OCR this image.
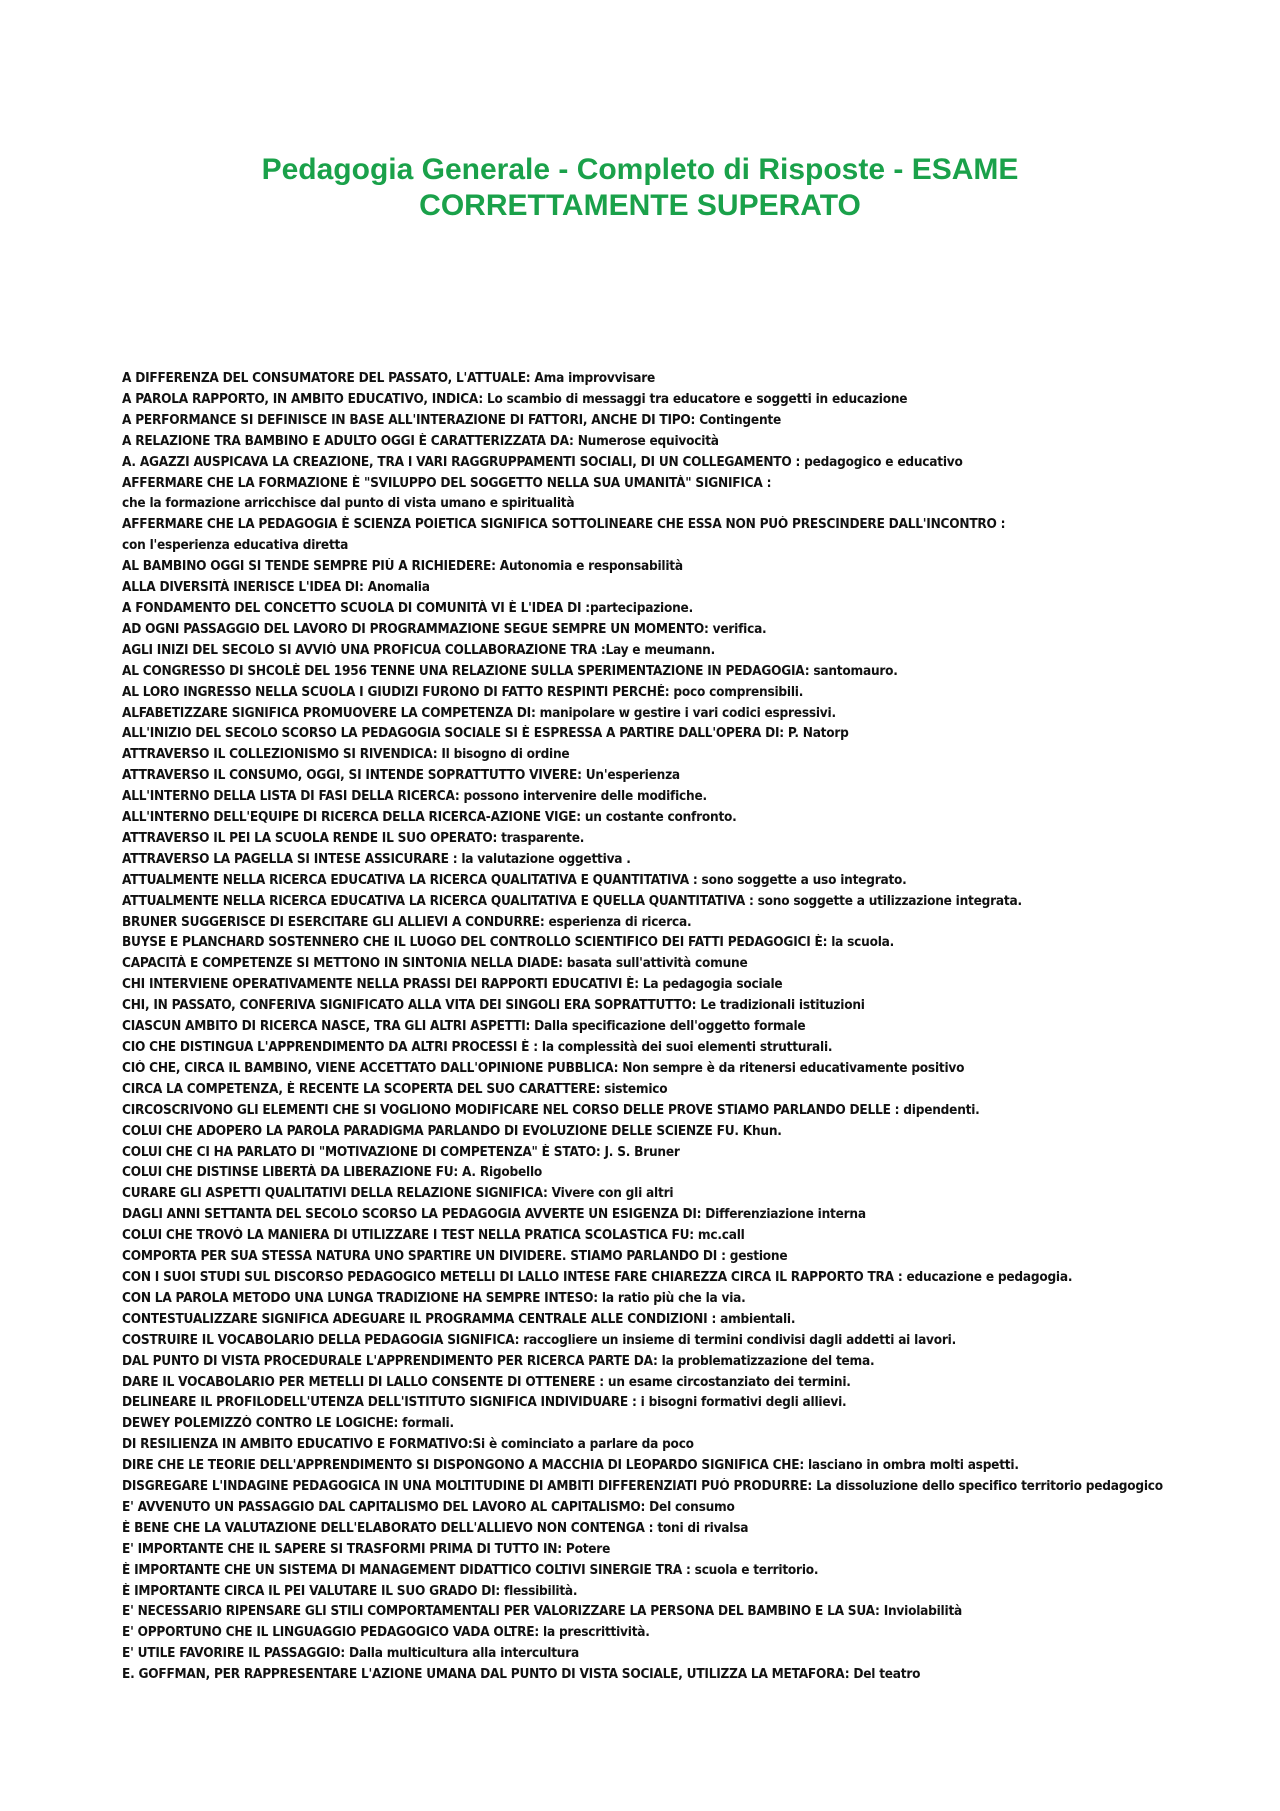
Pedagogia Generale - Completo di Risposte - ESAME
CORRETTAMENTE SUPERATO
A DIFFERENZA DEL CONSUMATORE DEL PASSATO, L'ATTUALE: Ama improvvisare
A PAROLA RAPPORTO, IN AMBITO EDUCATIVO, INDICA: Lo scambio di messaggi tra educatore e soggetti in educazione
A PERFORMANCE SI DEFINISCE IN BASE ALL'INTERAZIONE DI FATTORI, ANCHE DI TIPO: Contingente
A RELAZIONE TRA BAMBINO E ADULTO OGGI È CARATTERIZZATA DA: Numerose equivocità
A. AGAZZI AUSPICAVA LA CREAZIONE, TRA I VARI RAGGRUPPAMENTI SOCIALI, DI UN COLLEGAMENTO : pedagogico e educativo
AFFERMARE CHE LA FORMAZIONE È "SVILUPPO DEL SOGGETTO NELLA SUA UMANITÀ" SIGNIFICA :
che la formazione arricchisce dal punto di vista umano e spiritualità
AFFERMARE CHE LA PEDAGOGIA È SCIENZA POIETICA SIGNIFICA SOTTOLINEARE CHE ESSA NON PUÒ PRESCINDERE DALL'INCONTRO :
con l'esperienza educativa diretta
AL BAMBINO OGGI SI TENDE SEMPRE PIÙ A RICHIEDERE: Autonomia e responsabilità
ALLA DIVERSITÀ INERISCE L'IDEA DI: Anomalia
A FONDAMENTO DEL CONCETTO SCUOLA DI COMUNITÀ VI È L'IDEA DI :partecipazione.
AD OGNI PASSAGGIO DEL LAVORO DI PROGRAMMAZIONE SEGUE SEMPRE UN MOMENTO: verifica.
AGLI INIZI DEL SECOLO SI AVVIÒ UNA PROFICUA COLLABORAZIONE TRA :Lay e meumann.
AL CONGRESSO DI SHCOLÈ DEL 1956 TENNE UNA RELAZIONE SULLA SPERIMENTAZIONE IN PEDAGOGIA: santomauro.
AL LORO INGRESSO NELLA SCUOLA I GIUDIZI FURONO DI FATTO RESPINTI PERCHÉ: poco comprensibili.
ALFABETIZZARE SIGNIFICA PROMUOVERE LA COMPETENZA DI: manipolare w gestire i vari codici espressivi.
ALL'INIZIO DEL SECOLO SCORSO LA PEDAGOGIA SOCIALE SI È ESPRESSA A PARTIRE DALL'OPERA DI: P. Natorp
ATTRAVERSO IL COLLEZIONISMO SI RIVENDICA: Il bisogno di ordine
ATTRAVERSO IL CONSUMO, OGGI, SI INTENDE SOPRATTUTTO VIVERE: Un'esperienza
ALL'INTERNO DELLA LISTA DI FASI DELLA RICERCA: possono intervenire delle modifiche.
ALL'INTERNO DELL'EQUIPE DI RICERCA DELLA RICERCA-AZIONE VIGE: un costante confronto.
ATTRAVERSO IL PEI LA SCUOLA RENDE IL SUO OPERATO: trasparente.
ATTRAVERSO LA PAGELLA SI INTESE ASSICURARE : la valutazione oggettiva .
ATTUALMENTE NELLA RICERCA EDUCATIVA LA RICERCA QUALITATIVA E QUANTITATIVA : sono soggette a uso integrato.
ATTUALMENTE NELLA RICERCA EDUCATIVA LA RICERCA QUALITATIVA E QUELLA QUANTITATIVA : sono soggette a utilizzazione integrata.
BRUNER SUGGERISCE DI ESERCITARE GLI ALLIEVI A CONDURRE: esperienza di ricerca.
BUYSE E PLANCHARD SOSTENNERO CHE IL LUOGO DEL CONTROLLO SCIENTIFICO DEI FATTI PEDAGOGICI È: la scuola.
CAPACITÀ E COMPETENZE SI METTONO IN SINTONIA NELLA DIADE: basata sull'attività comune
CHI INTERVIENE OPERATIVAMENTE NELLA PRASSI DEI RAPPORTI EDUCATIVI È: La pedagogia sociale
CHI, IN PASSATO, CONFERIVA SIGNIFICATO ALLA VITA DEI SINGOLI ERA SOPRATTUTTO: Le tradizionali istituzioni
CIASCUN AMBITO DI RICERCA NASCE, TRA GLI ALTRI ASPETTI: Dalla specificazione dell'oggetto formale
CIO CHE DISTINGUA L'APPRENDIMENTO DA ALTRI PROCESSI È : la complessità dei suoi elementi strutturali.
CIÒ CHE, CIRCA IL BAMBINO, VIENE ACCETTATO DALL'OPINIONE PUBBLICA: Non sempre è da ritenersi educativamente positivo
CIRCA LA COMPETENZA, È RECENTE LA SCOPERTA DEL SUO CARATTERE: sistemico
CIRCOSCRIVONO GLI ELEMENTI CHE SI VOGLIONO MODIFICARE NEL CORSO DELLE PROVE STIAMO PARLANDO DELLE : dipendenti.
COLUI CHE ADOPERO LA PAROLA PARADIGMA PARLANDO DI EVOLUZIONE DELLE SCIENZE FU. Khun.
COLUI CHE CI HA PARLATO DI "MOTIVAZIONE DI COMPETENZA" È STATO: J. S. Bruner
COLUI CHE DISTINSE LIBERTÀ DA LIBERAZIONE FU: A. Rigobello
CURARE GLI ASPETTI QUALITATIVI DELLA RELAZIONE SIGNIFICA: Vivere con gli altri
DAGLI ANNI SETTANTA DEL SECOLO SCORSO LA PEDAGOGIA AVVERTE UN ESIGENZA DI: Differenziazione interna
COLUI CHE TROVÒ LA MANIERA DI UTILIZZARE I TEST NELLA PRATICA SCOLASTICA FU: mc.call
COMPORTA PER SUA STESSA NATURA UNO SPARTIRE UN DIVIDERE. STIAMO PARLANDO DI : gestione
CON I SUOI STUDI SUL DISCORSO PEDAGOGICO METELLI DI LALLO INTESE FARE CHIAREZZA CIRCA IL RAPPORTO TRA : educazione e pedagogia.
CON LA PAROLA METODO UNA LUNGA TRADIZIONE HA SEMPRE INTESO: la ratio più che la via.
CONTESTUALIZZARE SIGNIFICA ADEGUARE IL PROGRAMMA CENTRALE ALLE CONDIZIONI : ambientali.
COSTRUIRE IL VOCABOLARIO DELLA PEDAGOGIA SIGNIFICA: raccogliere un insieme di termini condivisi dagli addetti ai lavori.
DAL PUNTO DI VISTA PROCEDURALE L'APPRENDIMENTO PER RICERCA PARTE DA: la problematizzazione del tema.
DARE IL VOCABOLARIO PER METELLI DI LALLO CONSENTE DI OTTENERE : un esame circostanziato dei termini.
DELINEARE IL PROFILODELL'UTENZA DELL'ISTITUTO SIGNIFICA INDIVIDUARE : i bisogni formativi degli allievi.
DEWEY POLEMIZZÒ CONTRO LE LOGICHE: formali.
DI RESILIENZA IN AMBITO EDUCATIVO E FORMATIVO:Si è cominciato a parlare da poco
DIRE CHE LE TEORIE DELL'APPRENDIMENTO SI DISPONGONO A MACCHIA DI LEOPARDO SIGNIFICA CHE: lasciano in ombra molti aspetti.
DISGREGARE L'INDAGINE PEDAGOGICA IN UNA MOLTITUDINE DI AMBITI DIFFERENZIATI PUÒ PRODURRE: La dissoluzione dello specifico territorio pedagogico
E' AVVENUTO UN PASSAGGIO DAL CAPITALISMO DEL LAVORO AL CAPITALISMO: Del consumo
È BENE CHE LA VALUTAZIONE DELL'ELABORATO DELL'ALLIEVO NON CONTENGA : toni di rivalsa
E' IMPORTANTE CHE IL SAPERE SI TRASFORMI PRIMA DI TUTTO IN: Potere
È IMPORTANTE CHE UN SISTEMA DI MANAGEMENT DIDATTICO COLTIVI SINERGIE TRA : scuola e territorio.
È IMPORTANTE CIRCA IL PEI VALUTARE IL SUO GRADO DI: flessibilità.
E' NECESSARIO RIPENSARE GLI STILI COMPORTAMENTALI PER VALORIZZARE LA PERSONA DEL BAMBINO E LA SUA: Inviolabilità
E' OPPORTUNO CHE IL LINGUAGGIO PEDAGOGICO VADA OLTRE: la prescrittività.
E' UTILE FAVORIRE IL PASSAGGIO: Dalla multicultura alla intercultura
E. GOFFMAN, PER RAPPRESENTARE L'AZIONE UMANA DAL PUNTO DI VISTA SOCIALE, UTILIZZA LA METAFORA: Del teatro
